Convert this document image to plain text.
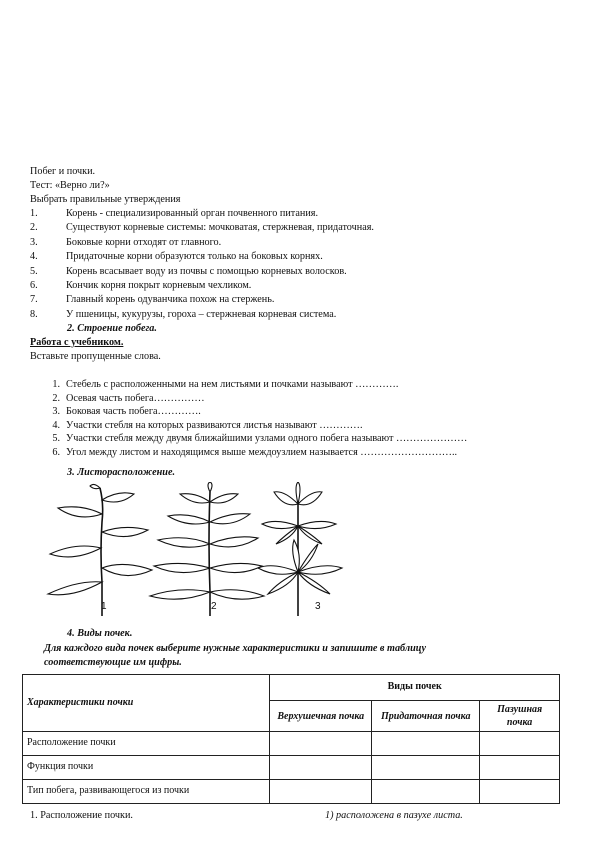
Побег и почки.
Тест: «Верно ли?»
Выбрать правильные утверждения
1.	Корень - специализированный орган почвенного питания.
2.	Существуют корневые системы: мочковатая, стержневая, придаточная.
3.	Боковые корни отходят от главного.
4.	Придаточные корни образуются только на боковых корнях.
5.	Корень всасывает воду из почвы с помощью корневых волосков.
6.	Кончик корня покрыт корневым чехликом.
7.	Главный корень одуванчика похож на стержень.
8.	У пшеницы, кукурузы, гороха – стержневая корневая система.
2. Строение побега.
Работа с учебником.
Вставьте пропущенные слова.
1. Стебель с расположенными на нем листьями и почками называют ………….
2. Осевая часть побега……………
3. Боковая часть побега………….
4. Участки стебля на которых развиваются листья называют ………….
5. Участки стебля между двумя ближайшими узлами одного побега называют …………………
6. Угол между листом и находящимся выше междоузлием называется ………………………..
3. Листорасположение.
1	2	3
4. Виды почек.
Для каждого вида почек выберите нужные характеристики и запишите в таблицу
соответствующие им цифры.
Характеристики почки	Виды почек		
	Верхушечная почка	Придаточная почка	Пазушная почка
Расположение почки			
Функция почки			
Тип побега, развивающегося из почки			
1. Расположение почки.	1) расположена в пазухе листа.
